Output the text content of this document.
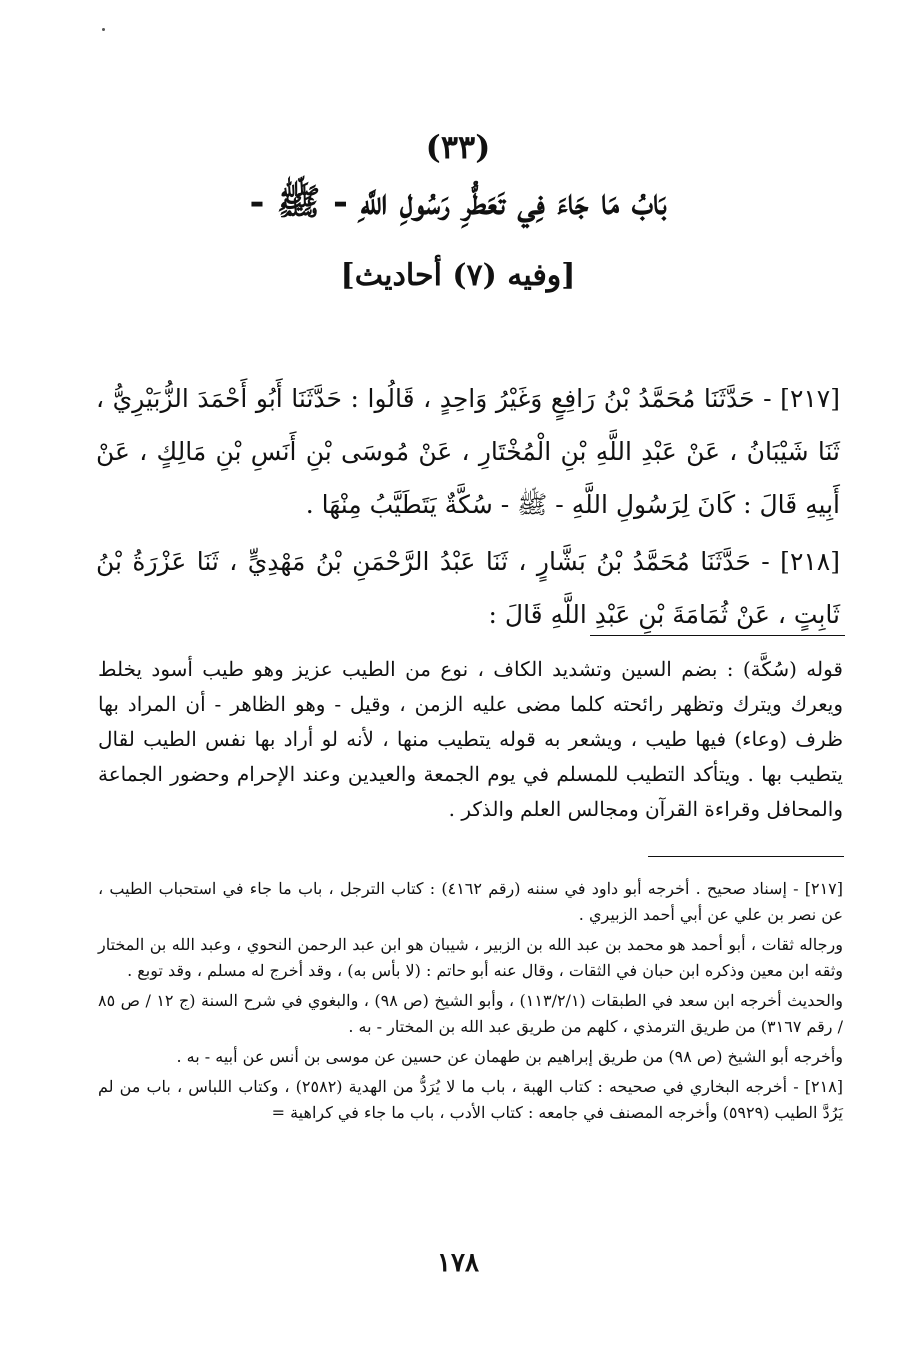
(٣٣)
بَابُ مَا جَاءَ فِي تَعَطُّرِ رَسُولِ اللَّهِ - ﷺ -
[وفيه (٧) أحاديث]
[٢١٧] - حَدَّثَنَا مُحَمَّدُ بْنُ رَافِعٍ وَغَيْرُ وَاحِدٍ ، قَالُوا : حَدَّثَنَا أَبُو أَحْمَدَ الزُّبَيْرِيُّ ، ثَنَا شَيْبَانُ ، عَنْ عَبْدِ اللَّهِ بْنِ الْمُخْتَارِ ، عَنْ مُوسَى بْنِ أَنَسِ بْنِ مَالِكٍ ، عَنْ أَبِيهِ قَالَ : كَانَ لِرَسُولِ اللَّهِ - ﷺ - سُكَّةٌ يَتَطَيَّبُ مِنْهَا .
[٢١٨] - حَدَّثَنَا مُحَمَّدُ بْنُ بَشَّارٍ ، ثَنَا عَبْدُ الرَّحْمَنِ بْنُ مَهْدِيٍّ ، ثَنَا عَزْرَةُ بْنُ ثَابِتٍ ، عَنْ ثُمَامَةَ بْنِ عَبْدِ اللَّهِ قَالَ :
قوله (سُكَّة) : بضم السين وتشديد الكاف ، نوع من الطيب عزيز وهو طيب أسود يخلط ويعرك ويترك وتظهر رائحته كلما مضى عليه الزمن ، وقيل - وهو الظاهر - أن المراد بها ظرف (وعاء) فيها طيب ، ويشعر به قوله يتطيب منها ، لأنه لو أراد بها نفس الطيب لقال يتطيب بها . ويتأكد التطيب للمسلم في يوم الجمعة والعيدين وعند الإحرام وحضور الجماعة والمحافل وقراءة القرآن ومجالس العلم والذكر .

[٢١٧] - إسناد صحيح . أخرجه أبو داود في سننه (رقم ٤١٦٢) : كتاب الترجل ، باب ما جاء في استحباب الطيب ، عن نصر بن علي عن أبي أحمد الزبيري .

ورجاله ثقات ، أبو أحمد هو محمد بن عبد الله بن الزبير ، شيبان هو ابن عبد الرحمن النحوي ، وعبد الله بن المختار وثقه ابن معين وذكره ابن حبان في الثقات ، وقال عنه أبو حاتم : (لا بأس به) ، وقد أخرج له مسلم ، وقد توبع .

والحديث أخرجه ابن سعد في الطبقات (١١٣/٢/١) ، وأبو الشيخ (ص ٩٨) ، والبغوي في شرح السنة (ج ١٢ / ص ٨٥ / رقم ٣١٦٧) من طريق الترمذي ، كلهم من طريق عبد الله بن المختار - به .

وأخرجه أبو الشيخ (ص ٩٨) من طريق إبراهيم بن طهمان عن حسين عن موسى بن أنس عن أبيه - به .

[٢١٨] - أخرجه البخاري في صحيحه : كتاب الهبة ، باب ما لا يُرَدُّ من الهدية (٢٥٨٢) ، وكتاب اللباس ، باب من لم يَرُدَّ الطيب (٥٩٢٩) وأخرجه المصنف في جامعه : كتاب الأدب ، باب ما جاء في كراهية =

١٧٨
